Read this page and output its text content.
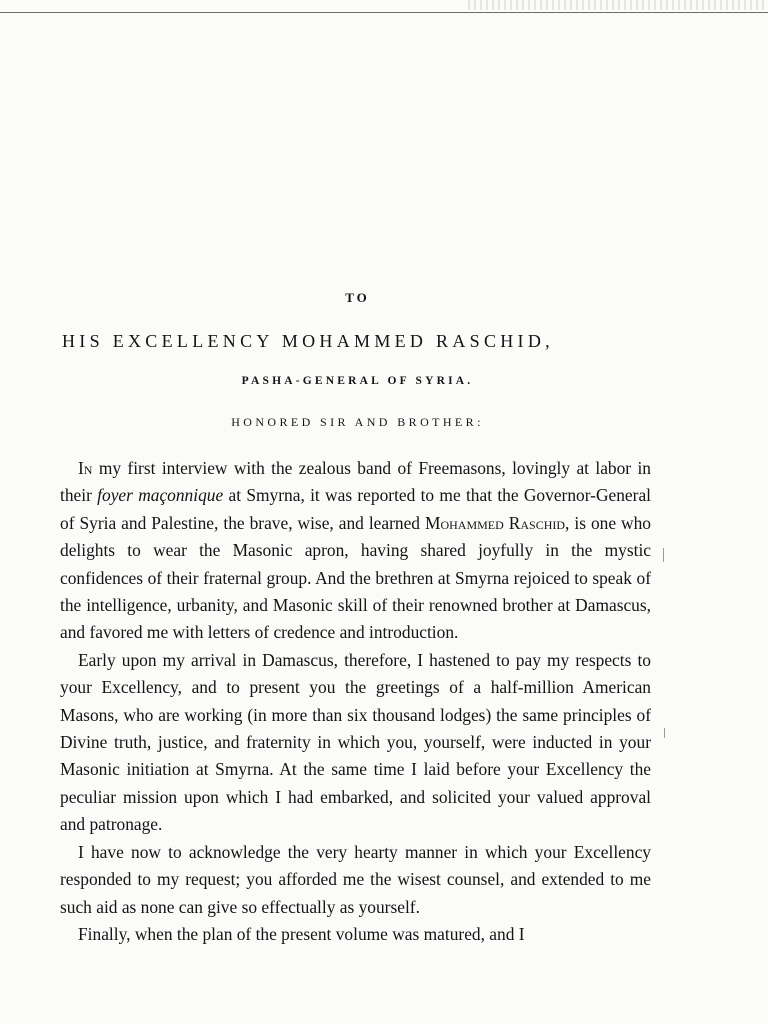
TO
HIS EXCELLENCY MOHAMMED RASCHID,
PASHA-GENERAL OF SYRIA.
HONORED SIR AND BROTHER:

In my first interview with the zealous band of Freemasons, lovingly at labor in their foyer maçonnique at Smyrna, it was reported to me that the Governor-General of Syria and Palestine, the brave, wise, and learned Mohammed Raschid, is one who delights to wear the Masonic apron, having shared joyfully in the mystic confidences of their fraternal group. And the brethren at Smyrna rejoiced to speak of the intelligence, urbanity, and Masonic skill of their renowned brother at Damascus, and favored me with letters of credence and introduction.

Early upon my arrival in Damascus, therefore, I hastened to pay my respects to your Excellency, and to present you the greetings of a half-million American Masons, who are working (in more than six thousand lodges) the same principles of Divine truth, justice, and fraternity in which you, yourself, were inducted in your Masonic initiation at Smyrna. At the same time I laid before your Excellency the peculiar mission upon which I had embarked, and solicited your valued approval and patronage.

I have now to acknowledge the very hearty manner in which your Excellency responded to my request; you afforded me the wisest counsel, and extended to me such aid as none can give so effectually as yourself.

Finally, when the plan of the present volume was matured, and I
